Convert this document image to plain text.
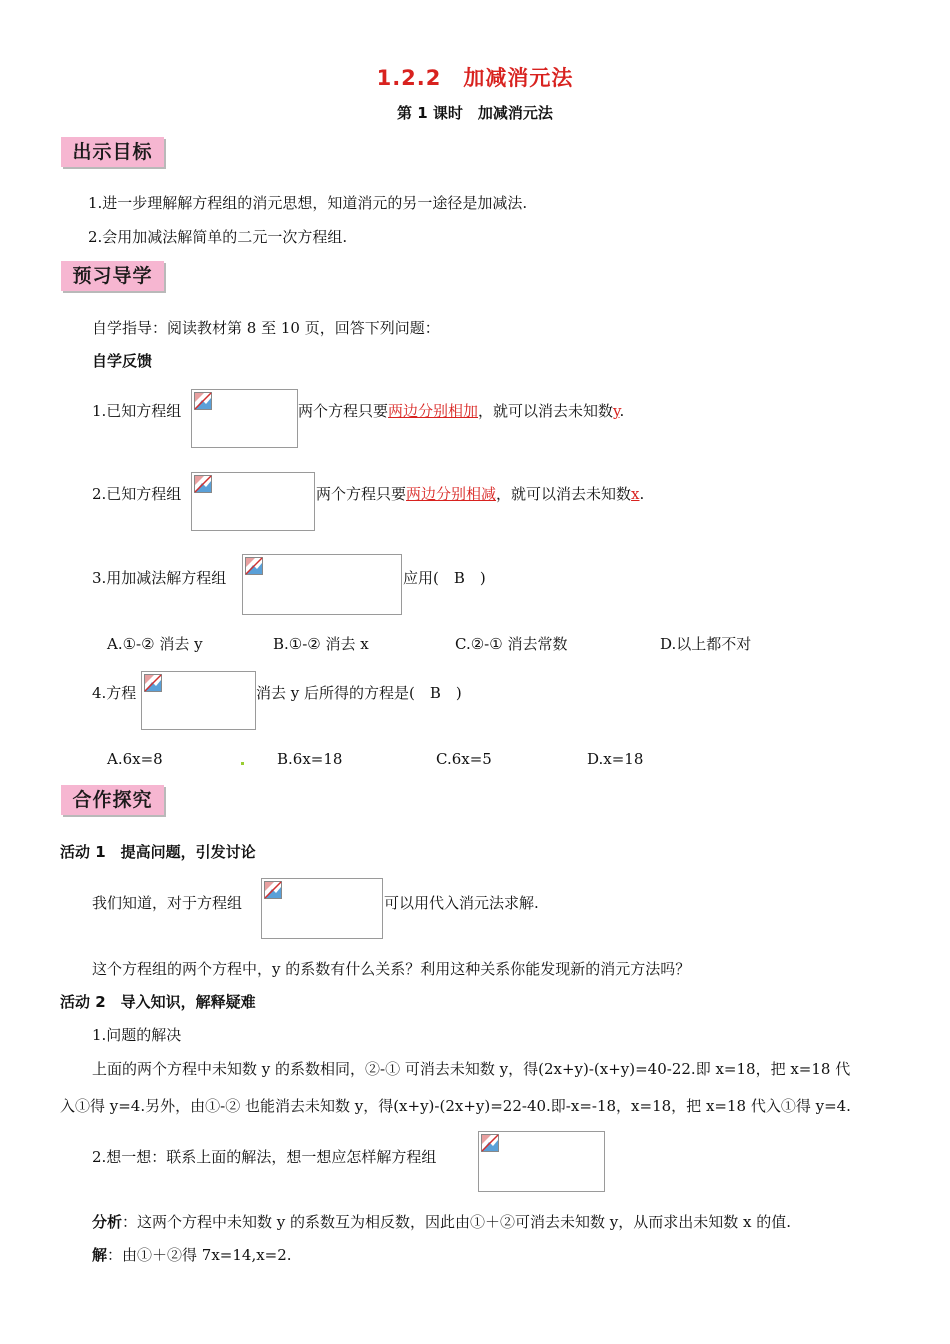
1.2.2　加减消元法
第 1 课时　加减消元法
出示目标
1.进一步理解解方程组的消元思想，知道消元的另一途径是加减法.
2.会用加减法解简单的二元一次方程组.
预习导学
自学指导：阅读教材第 8 至 10 页，回答下列问题：
自学反馈
1.已知方程组	两个方程只要两边分别相加，就可以消去未知数y.
2.已知方程组	两个方程只要两边分别相减，就可以消去未知数x.
3.用加减法解方程组	应用(　B　)
A.①-② 消去 y	B.①-② 消去 x	C.②-① 消去常数	D.以上都不对
4.方程	消去 y 后所得的方程是(　B　)
A.6x=8	B.6x=18	C.6x=5	D.x=18
合作探究
活动 1　提高问题，引发讨论
我们知道，对于方程组	可以用代入消元法求解.
这个方程组的两个方程中，y 的系数有什么关系？利用这种关系你能发现新的消元方法吗？
活动 2　导入知识，解释疑难
1.问题的解决
上面的两个方程中未知数 y 的系数相同，②-① 可消去未知数 y，得(2x+y)-(x+y)=40-22.即 x=18，把 x=18 代
入①得 y=4.另外，由①-② 也能消去未知数 y，得(x+y)-(2x+y)=22-40.即-x=-18，x=18，把 x=18 代入①得 y=4.
2.想一想：联系上面的解法，想一想应怎样解方程组
分析：这两个方程中未知数 y 的系数互为相反数，因此由①＋②可消去未知数 y，从而求出未知数 x 的值.
解：由①＋②得 7x=14,x=2.
